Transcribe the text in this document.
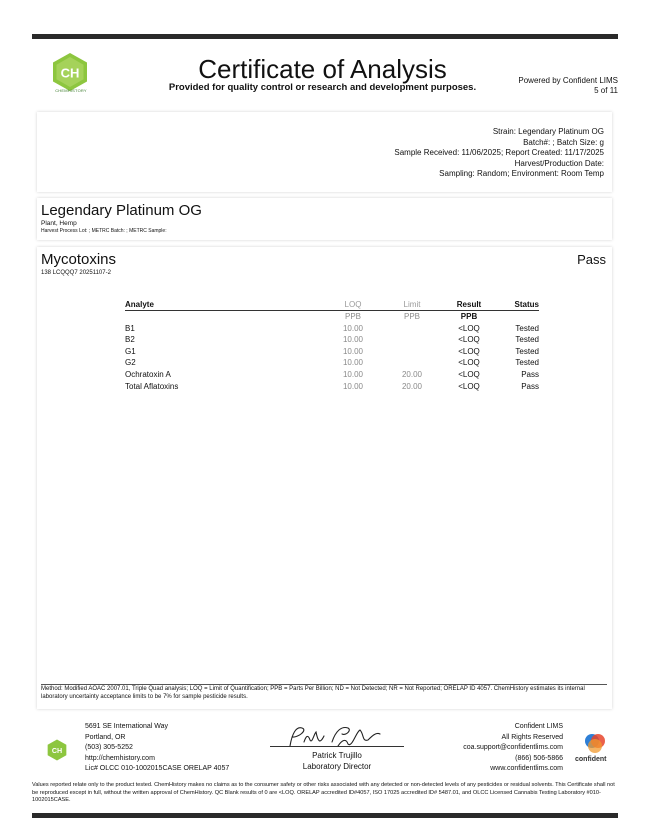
CH
CHEMHISTORY
Certificate of Analysis
Provided for quality control or research and development purposes.
Powered by Confident LIMS
5 of 11
Strain: Legendary Platinum OG
Batch#: ; Batch Size: g
Sample Received: 11/06/2025; Report Created: 11/17/2025
Harvest/Production Date:
Sampling: Random; Environment: Room Temp
Legendary Platinum OG
Plant, Hemp
Harvest Process Lot: ; METRC Batch: ; METRC Sample:
Mycotoxins
138 LCQQQ7 20251107-2
Pass
Analyte	LOQ	Limit	Result	Status
	PPB	PPB	PPB	
B1	10.00		<LOQ	Tested
B2	10.00		<LOQ	Tested
G1	10.00		<LOQ	Tested
G2	10.00		<LOQ	Tested
Ochratoxin A	10.00	20.00	<LOQ	Pass
Total Aflatoxins	10.00	20.00	<LOQ	Pass
Method: Modified AOAC 2007.01, Triple Quad analysis; LOQ = Limit of Quantification; PPB = Parts Per Billion; ND = Not Detected; NR = Not Reported; ORELAP ID 4057. ChemHistory estimates its internal laboratory uncertainty acceptance limits to be 7% for sample pesticide results.
CH
5691 SE International Way
Portland, OR
(503) 305-5252
http://chemhistory.com
Lic# OLCC 010-1002015CASE ORELAP 4057
Patrick Trujillo
Laboratory Director
Confident LIMS
All Rights Reserved
coa.support@confidentlims.com
(866) 506-5866
www.confidentlims.com
confident
Values reported relate only to the product tested. ChemHistory makes no claims as to the consumer safety or other risks associated with any detected or non-detected levels of any pesticides or residual solvents. This Certificate shall not be reproduced except in full, without the written approval of ChemHistory. QC Blank results of 0 are <LOQ. ORELAP accredited ID#4057, ISO 17025 accredited ID# 5487.01, and OLCC Licensed Cannabis Testing Laboratory #010-1002015CASE.
